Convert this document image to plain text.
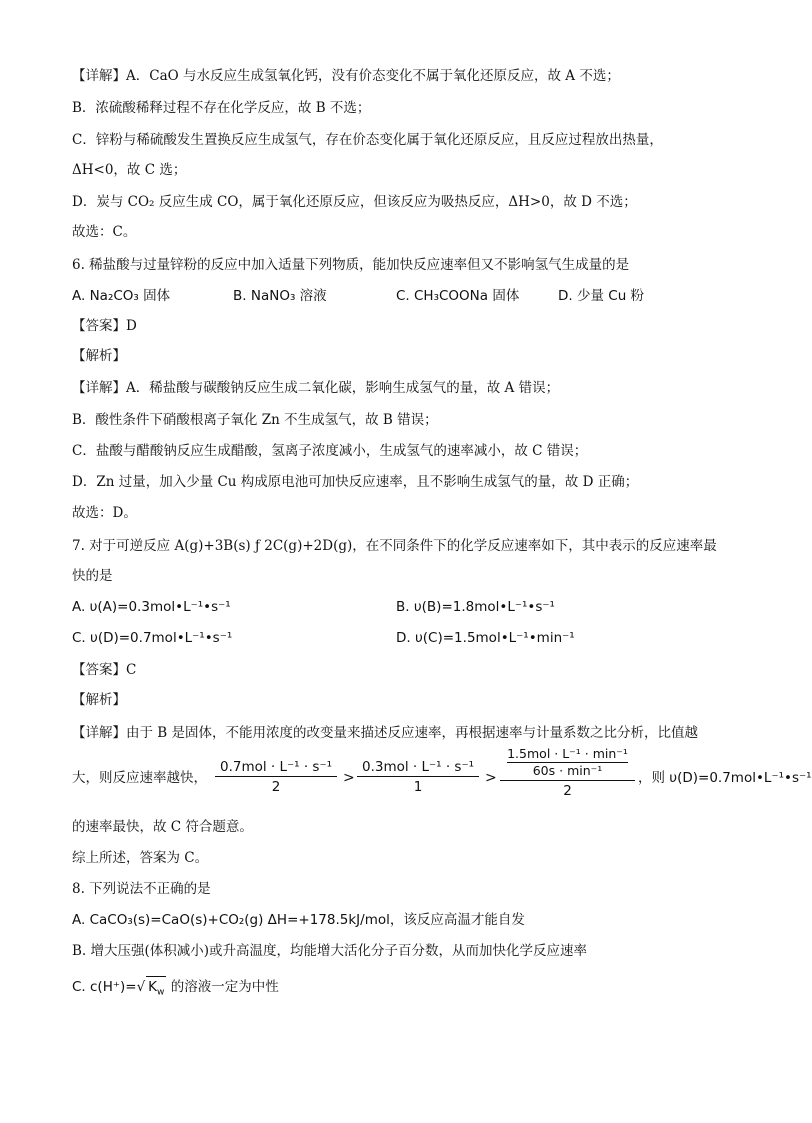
【详解】A．CaO 与水反应生成氢氧化钙，没有价态变化不属于氧化还原反应，故 A 不选；
B．浓硫酸稀释过程不存在化学反应，故 B 不选；
C．锌粉与稀硫酸发生置换反应生成氢气，存在价态变化属于氧化还原反应，且反应过程放出热量，
ΔH<0，故 C 选；
D．炭与 CO₂ 反应生成 CO，属于氧化还原反应，但该反应为吸热反应，ΔH>0，故 D 不选；
故选：C。
6. 稀盐酸与过量锌粉的反应中加入适量下列物质，能加快反应速率但又不影响氢气生成量的是
A. Na₂CO₃ 固体	B. NaNO₃ 溶液	C. CH₃COONa 固体	D. 少量 Cu 粉
【答案】D
【解析】
【详解】A．稀盐酸与碳酸钠反应生成二氧化碳，影响生成氢气的量，故 A 错误；
B．酸性条件下硝酸根离子氧化 Zn 不生成氢气，故 B 错误；
C．盐酸与醋酸钠反应生成醋酸，氢离子浓度减小，生成氢气的速率减小，故 C 错误；
D．Zn 过量，加入少量 Cu 构成原电池可加快反应速率，且不影响生成氢气的量，故 D 正确；
故选：D。
7. 对于可逆反应 A(g)+3B(s) ƒ 2C(g)+2D(g)，在不同条件下的化学反应速率如下，其中表示的反应速率最
快的是
A. υ(A)=0.3mol•L⁻¹•s⁻¹	B. υ(B)=1.8mol•L⁻¹•s⁻¹
C. υ(D)=0.7mol•L⁻¹•s⁻¹	D. υ(C)=1.5mol•L⁻¹•min⁻¹
【答案】C
【解析】
【详解】由于 B 是固体，不能用浓度的改变量来描述反应速率，再根据速率与计量系数之比分析，比值越
大，则反应速率越快，
0.7mol · L⁻¹ · s⁻¹
2
>
0.3mol · L⁻¹ · s⁻¹
1
>
1.5mol · L⁻¹ · min⁻¹
60s · min⁻¹
2
，则 υ(D)=0.7mol•L⁻¹•s⁻¹
的速率最快，故 C 符合题意。
综上所述，答案为 C。
8. 下列说法不正确的是
A. CaCO₃(s)=CaO(s)+CO₂(g) ΔH=+178.5kJ/mol，该反应高温才能自发
B. 增大压强(体积减小)或升高温度，均能增大活化分子百分数，从而加快化学反应速率
C. c(H⁺)=√ $K_w$ 的溶液一定为中性
